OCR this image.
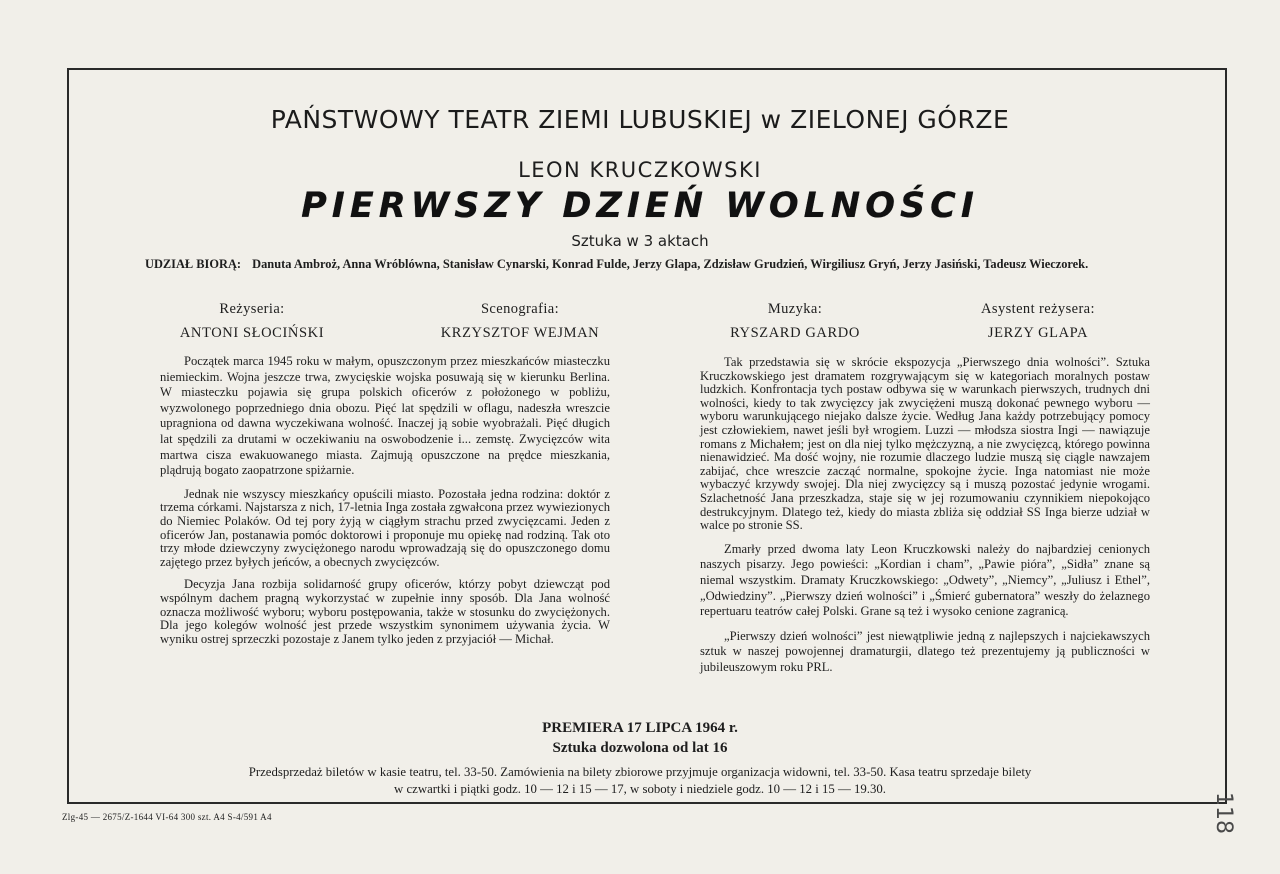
PAŃSTWOWY TEATR ZIEMI LUBUSKIEJ w ZIELONEJ GÓRZE
LEON KRUCZKOWSKI
PIERWSZY DZIEŃ WOLNOŚCI
Sztuka w 3 aktach
UDZIAŁ BIORĄ: Danuta Ambroż, Anna Wróblówna, Stanisław Cynarski, Konrad Fulde, Jerzy Glapa, Zdzisław Grudzień, Wirgiliusz Gryń, Jerzy Jasiński, Tadeusz Wieczorek.
Reżyseria:
ANTONI SŁOCIŃSKI
Scenografia:
KRZYSZTOF WEJMAN
Muzyka:
RYSZARD GARDO
Asystent reżysera:
JERZY GLAPA

Początek marca 1945 roku w małym, opuszczonym przez mieszkańców miasteczku niemieckim. Wojna jeszcze trwa, zwycięskie wojska posuwają się w kierunku Berlina. W miasteczku pojawia się grupa polskich oficerów z położonego w pobliżu, wyzwolonego poprzedniego dnia obozu. Pięć lat spędzili w oflagu, nadeszła wreszcie upragniona od dawna wyczekiwana wolność. Inaczej ją sobie wyobrażali. Pięć długich lat spędzili za drutami w oczekiwaniu na oswobodzenie i... zemstę. Zwycięzców wita martwa cisza ewakuowanego miasta. Zajmują opuszczone na prędce mieszkania, plądrują bogato zaopatrzone spiżarnie.

Jednak nie wszyscy mieszkańcy opuścili miasto. Pozostała jedna rodzina: doktór z trzema córkami. Najstarsza z nich, 17-letnia Inga została zgwałcona przez wywiezionych do Niemiec Polaków. Od tej pory żyją w ciągłym strachu przed zwycięzcami. Jeden z oficerów Jan, postanawia pomóc doktorowi i proponuje mu opiekę nad rodziną. Tak oto trzy młode dziewczyny zwyciężonego narodu wprowadzają się do opuszczonego domu zajętego przez byłych jeńców, a obecnych zwycięzców.

Decyzja Jana rozbija solidarność grupy oficerów, którzy pobyt dziewcząt pod wspólnym dachem pragną wykorzystać w zupełnie inny sposób. Dla Jana wolność oznacza możliwość wyboru; wyboru postępowania, także w stosunku do zwyciężonych. Dla jego kolegów wolność jest przede wszystkim synonimem używania życia. W wyniku ostrej sprzeczki pozostaje z Janem tylko jeden z przyjaciół — Michał.

Tak przedstawia się w skrócie ekspozycja „Pierwszego dnia wolności”. Sztuka Kruczkowskiego jest dramatem rozgrywającym się w kategoriach moralnych postaw ludzkich. Konfrontacja tych postaw odbywa się w warunkach pierwszych, trudnych dni wolności, kiedy to tak zwycięzcy jak zwyciężeni muszą dokonać pewnego wyboru — wyboru warunkującego niejako dalsze życie. Według Jana każdy potrzebujący pomocy jest człowiekiem, nawet jeśli był wrogiem. Luzzi — młodsza siostra Ingi — nawiązuje romans z Michałem; jest on dla niej tylko mężczyzną, a nie zwycięzcą, którego powinna nienawidzieć. Ma dość wojny, nie rozumie dlaczego ludzie muszą się ciągle nawzajem zabijać, chce wreszcie zacząć normalne, spokojne życie. Inga natomiast nie może wybaczyć krzywdy swojej. Dla niej zwycięzcy są i muszą pozostać jedynie wrogami. Szlachetność Jana przeszkadza, staje się w jej rozumowaniu czynnikiem niepokojąco destrukcyjnym. Dlatego też, kiedy do miasta zbliża się oddział SS Inga bierze udział w walce po stronie SS.

Zmarły przed dwoma laty Leon Kruczkowski należy do najbardziej cenionych naszych pisarzy. Jego powieści: „Kordian i cham”, „Pawie pióra”, „Sidła” znane są niemal wszystkim. Dramaty Kruczkowskiego: „Odwety”, „Niemcy”, „Juliusz i Ethel”, „Odwiedziny”. „Pierwszy dzień wolności” i „Śmierć gubernatora” weszły do żelaznego repertuaru teatrów całej Polski. Grane są też i wysoko cenione zagranicą.

„Pierwszy dzień wolności” jest niewątpliwie jedną z najlepszych i najciekawszych sztuk w naszej powojennej dramaturgii, dlatego też prezentujemy ją publiczności w jubileuszowym roku PRL.

PREMIERA 17 LIPCA 1964 r.
Sztuka dozwolona od lat 16
Przedsprzedaż biletów w kasie teatru, tel. 33-50. Zamówienia na bilety zbiorowe przyjmuje organizacja widowni, tel. 33-50. Kasa teatru sprzedaje bilety
w czwartki i piątki godz. 10 — 12 i 15 — 17, w soboty i niedziele godz. 10 — 12 i 15 — 19.30.
Zlg-45 — 2675/Z-1644 VI-64 300 szt. A4 S-4/591 A4	118
